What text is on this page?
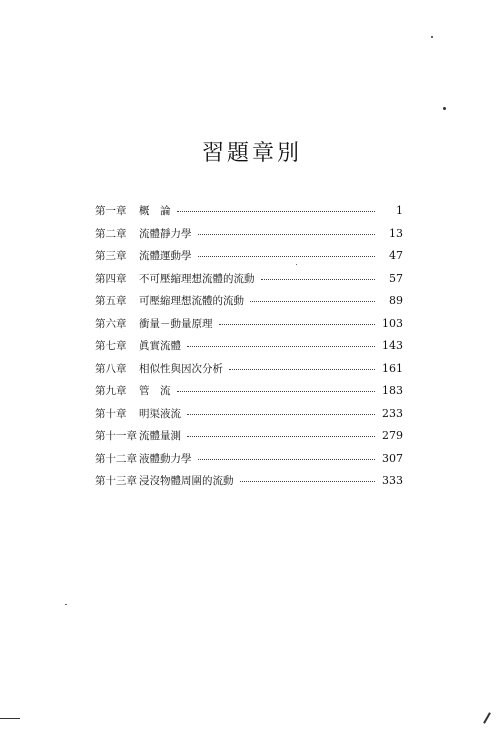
習題章別
第一章	概　論	1
第二章	流體靜力學	13
第三章	流體運動學	47
第四章	不可壓縮理想流體的流動	57
第五章	可壓縮理想流體的流動	89
第六章	衝量－動量原理	103
第七章	眞實流體	143
第八章	相似性與因次分析	161
第九章	管　流	183
第十章	明渠液流	233
第十一章 流體量測	279
第十二章 液體動力學	307
第十三章 浸沒物體周圍的流動	333
